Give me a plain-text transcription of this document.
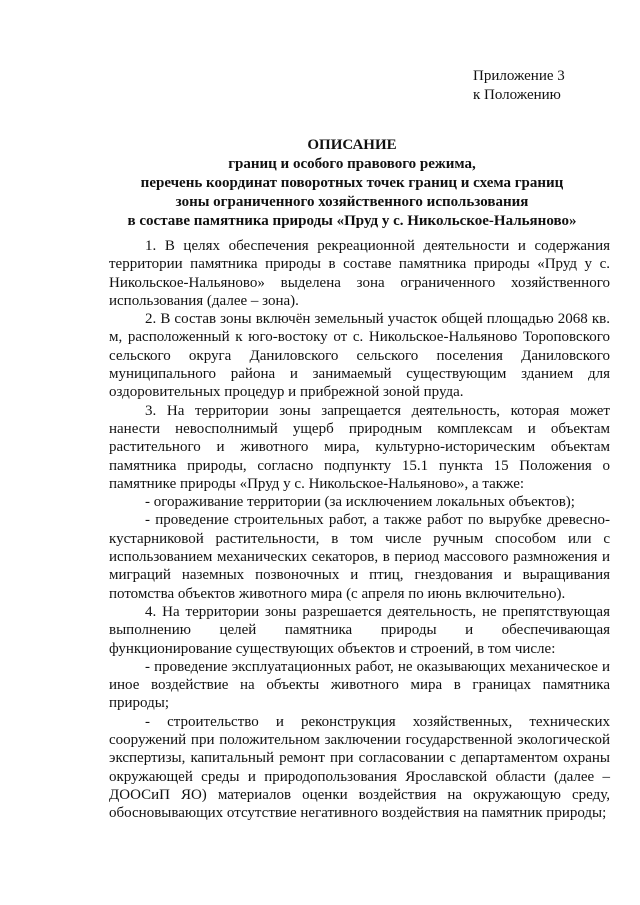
Приложение 3
к Положению
ОПИСАНИЕ
границ и особого правового режима,
перечень координат поворотных точек границ и схема границ
зоны ограниченного хозяйственного использования
в составе памятника природы «Пруд у с. Никольское-Нальяново»

1. В целях обеспечения рекреационной деятельности и содержания территории памятника природы в составе памятника природы «Пруд у с. Никольское-Нальяново» выделена зона ограниченного хозяйственного использования (далее – зона).

2. В состав зоны включён земельный участок общей площадью 2068 кв. м, расположенный к юго-востоку от с. Никольское-Нальяново Тороповского сельского округа Даниловского сельского поселения Даниловского муниципального района и занимаемый существующим зданием для оздоровительных процедур и прибрежной зоной пруда.

3. На территории зоны запрещается деятельность, которая может нанести невосполнимый ущерб природным комплексам и объектам растительного и животного мира, культурно-историческим объектам памятника природы, согласно подпункту 15.1 пункта 15 Положения о памятнике природы «Пруд у с. Никольское-Нальяново», а также:

- огораживание территории (за исключением локальных объектов);

- проведение строительных работ, а также работ по вырубке древесно-кустарниковой растительности, в том числе ручным способом или с использованием механических секаторов, в период массового размножения и миграций наземных позвоночных и птиц, гнездования и выращивания потомства объектов животного мира (с апреля по июнь включительно).

4. На территории зоны разрешается деятельность, не препятствующая выполнению целей памятника природы и обеспечивающая функционирование существующих объектов и строений, в том числе:

- проведение эксплуатационных работ, не оказывающих механическое и иное воздействие на объекты животного мира в границах памятника природы;

- строительство и реконструкция хозяйственных, технических сооружений при положительном заключении государственной экологической экспертизы, капитальный ремонт при согласовании с департаментом охраны окружающей среды и природопользования Ярославской области (далее – ДООСиП ЯО) материалов оценки воздействия на окружающую среду, обосновывающих отсутствие негативного воздействия на памятник природы;
